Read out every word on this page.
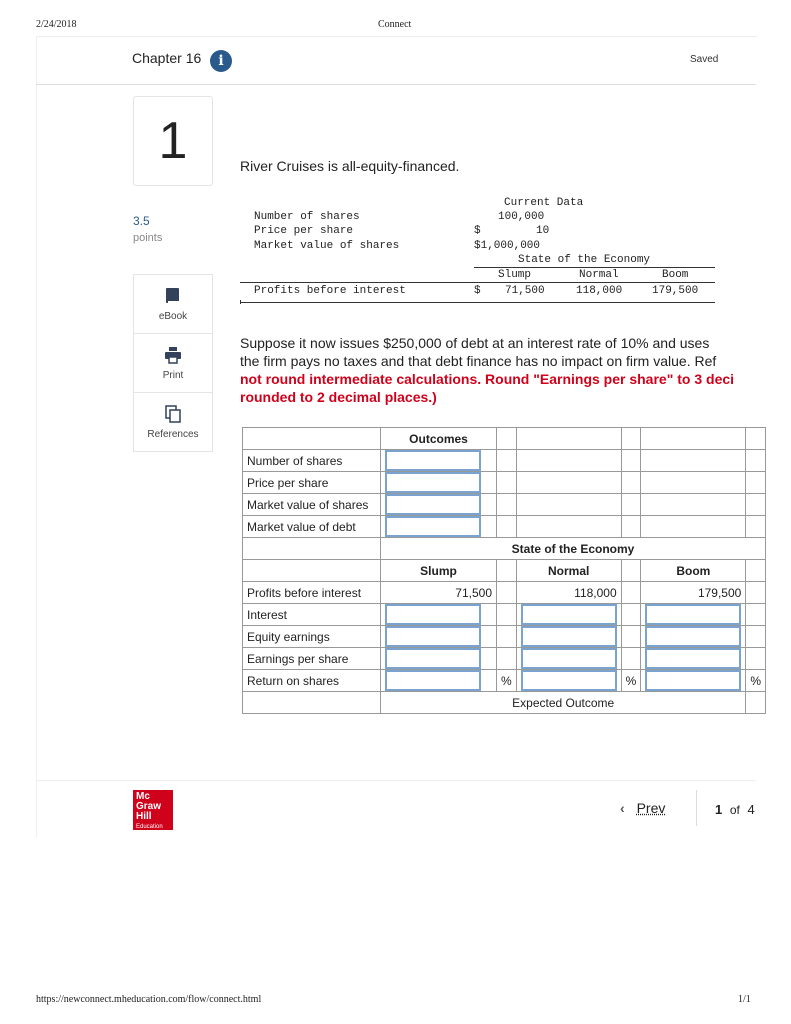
2/24/2018	Connect
https://newconnect.mheducation.com/flow/connect.html	1/1
Chapter 16	i	Saved
1
3.5
points
eBook
Print
References
River Cruises is all-equity-financed.
Current Data
Number of shares	100,000
Price per share	$	10
Market value of shares	$1,000,000
State of the Economy
Slump	Normal	Boom
Profits before interest	$ 71,500	118,000	179,500
Suppose it now issues $250,000 of debt at an interest rate of 10% and uses
the firm pays no taxes and that debt finance has no impact on firm value. Ref
not round intermediate calculations. Round "Earnings per share" to 3 deci
rounded to 2 decimal places.)
	Outcomes					
Number of shares	

Price per share	

Market value of shares	

Market value of debt	

	State of the Economy					
	Slump		Normal		Boom	
Profits before interest	71,500		118,000		179,500	
Interest	

Equity earnings	

Earnings per share	

Return on shares		%		%		%
	Expected Outcome					
Mc
Graw
Hill
Education
‹ Prev	1 of 4
